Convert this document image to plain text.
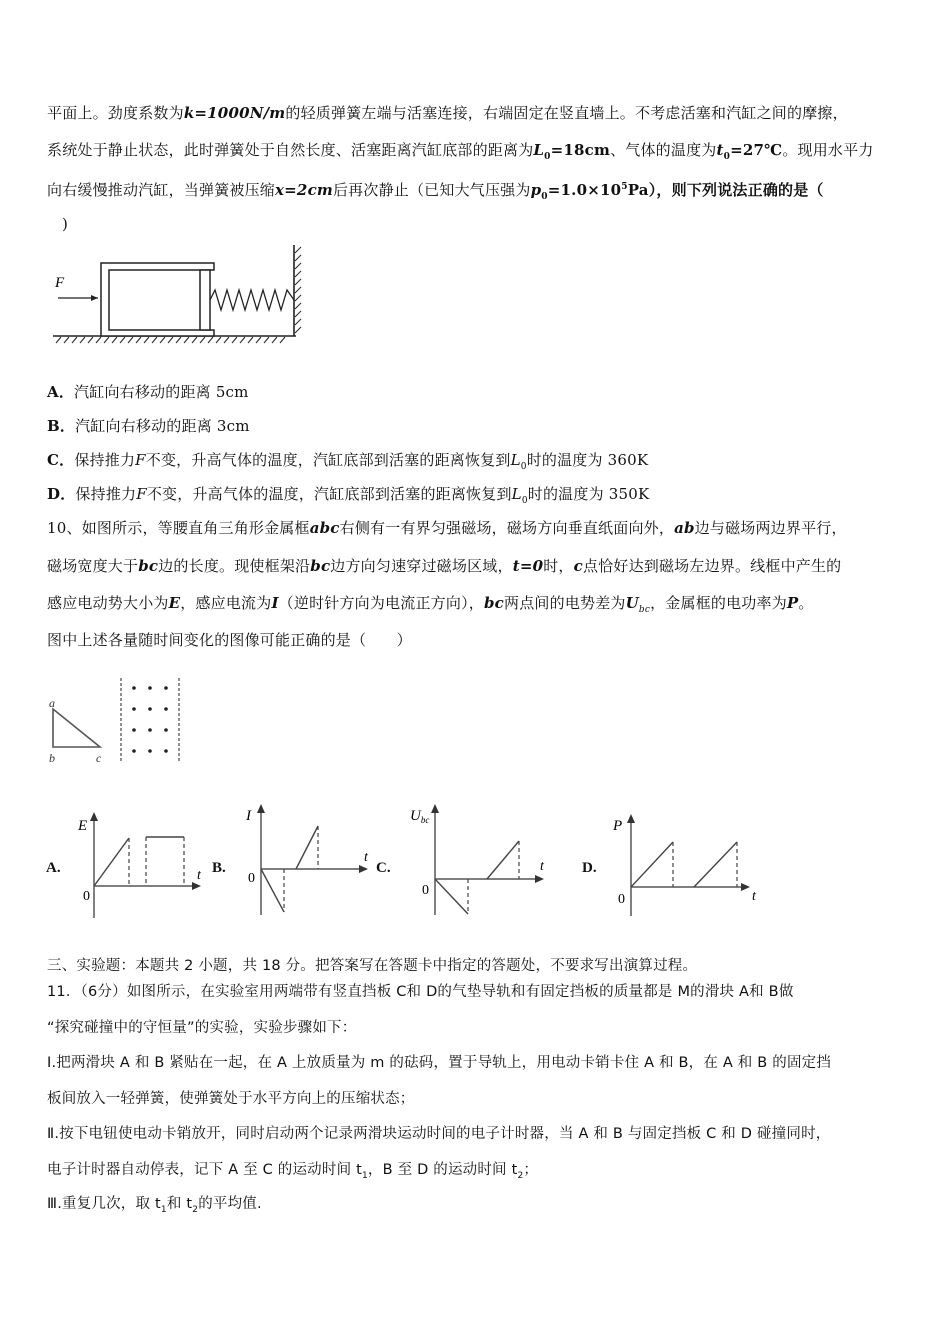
平面上。劲度系数为k=1000N/m的轻质弹簧左端与活塞连接，右端固定在竖直墙上。不考虑活塞和汽缸之间的摩擦，
系统处于静止状态，此时弹簧处于自然长度、活塞距离汽缸底部的距离为$L_0=18cm$、气体的温度为$t_0=27℃$。现用水平力
向右缓慢推动汽缸，当弹簧被压缩x=2cm后再次静止（已知大气压强为$p_0=1.0\times 10^5Pa$），则下列说法正确的是（
)
F
A．汽缸向右移动的距离 5cm
B．汽缸向右移动的距离 3cm
C．保持推力F不变，升高气体的温度，汽缸底部到活塞的距离恢复到$L_0$时的温度为 360K
D．保持推力F不变，升高气体的温度，汽缸底部到活塞的距离恢复到$L_0$时的温度为 350K
10、如图所示，等腰直角三角形金属框abc右侧有一有界匀强磁场，磁场方向垂直纸面向外，ab边与磁场两边界平行，
磁场宽度大于bc边的长度。现使框架沿bc边方向匀速穿过磁场区域，t=0时，c点恰好达到磁场左边界。线框中产生的
感应电动势大小为E，感应电流为I（逆时针方向为电流正方向），bc两点间的电势差为$U_{bc}$，金属框的电功率为P。
图中上述各量随时间变化的图像可能正确的是（　　）
a
b	c
A.
E
t
0
B.
I
t
0
C.
$U_{bc}$
t
0
D.
P
t
0
三、实验题：本题共 2 小题，共 18 分。把答案写在答题卡中指定的答题处，不要求写出演算过程。
11．（6分）如图所示，在实验室用两端带有竖直挡板 C和 D的气垫导轨和有固定挡板的质量都是 M的滑块 A和 B做
“探究碰撞中的守恒量”的实验，实验步骤如下：
Ⅰ.把两滑块 A 和 B 紧贴在一起，在 A 上放质量为 m 的砝码，置于导轨上，用电动卡销卡住 A 和 B，在 A 和 B 的固定挡
板间放入一轻弹簧，使弹簧处于水平方向上的压缩状态；
Ⅱ.按下电钮使电动卡销放开，同时启动两个记录两滑块运动时间的电子计时器，当 A 和 B 与固定挡板 C 和 D 碰撞同时，
电子计时器自动停表，记下 A 至 C 的运动时间 $t_1$，B 至 D 的运动时间 $t_2$；
Ⅲ.重复几次，取 $t_1$和 $t_2$的平均值.
